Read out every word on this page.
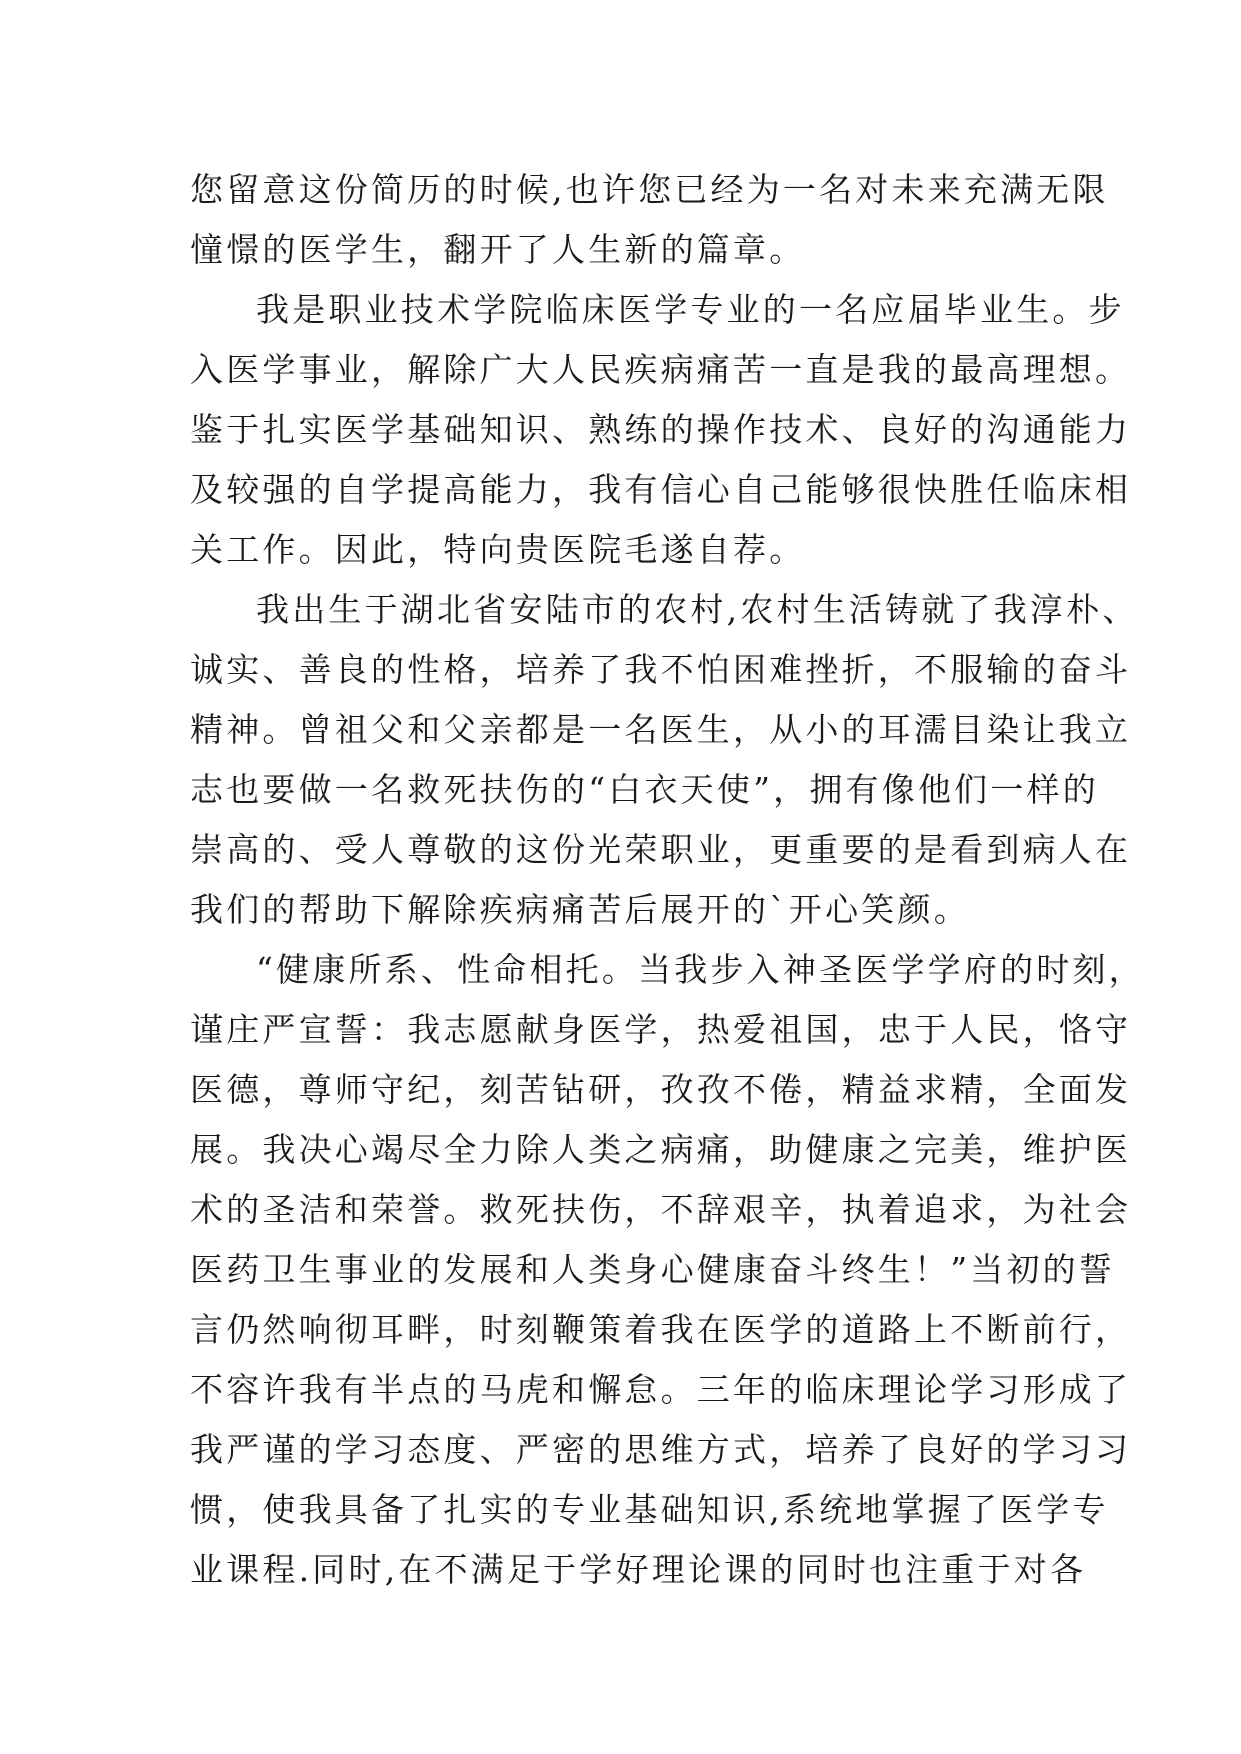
您留意这份简历的时候,也许您已经为一名对未来充满无限
憧憬的医学生，翻开了人生新的篇章。

我是职业技术学院临床医学专业的一名应届毕业生。步
入医学事业，解除广大人民疾病痛苦一直是我的最高理想。
鉴于扎实医学基础知识、熟练的操作技术、良好的沟通能力
及较强的自学提高能力，我有信心自己能够很快胜任临床相
关工作。因此，特向贵医院毛遂自荐。

我出生于湖北省安陆市的农村,农村生活铸就了我淳朴、
诚实、善良的性格，培养了我不怕困难挫折，不服输的奋斗
精神。曾祖父和父亲都是一名医生，从小的耳濡目染让我立
志也要做一名救死扶伤的“白衣天使”，拥有像他们一样的
崇高的、受人尊敬的这份光荣职业，更重要的是看到病人在
我们的帮助下解除疾病痛苦后展开的`开心笑颜。

“健康所系、性命相托。当我步入神圣医学学府的时刻，
谨庄严宣誓：我志愿献身医学，热爱祖国，忠于人民，恪守
医德，尊师守纪，刻苦钻研，孜孜不倦，精益求精，全面发
展。我决心竭尽全力除人类之病痛，助健康之完美，维护医
术的圣洁和荣誉。救死扶伤，不辞艰辛，执着追求，为社会
医药卫生事业的发展和人类身心健康奋斗终生！”当初的誓
言仍然响彻耳畔，时刻鞭策着我在医学的道路上不断前行，
不容许我有半点的马虎和懈怠。三年的临床理论学习形成了
我严谨的学习态度、严密的思维方式，培养了良好的学习习
惯，使我具备了扎实的专业基础知识,系统地掌握了医学专
业课程.同时,在不满足于学好理论课的同时也注重于对各
